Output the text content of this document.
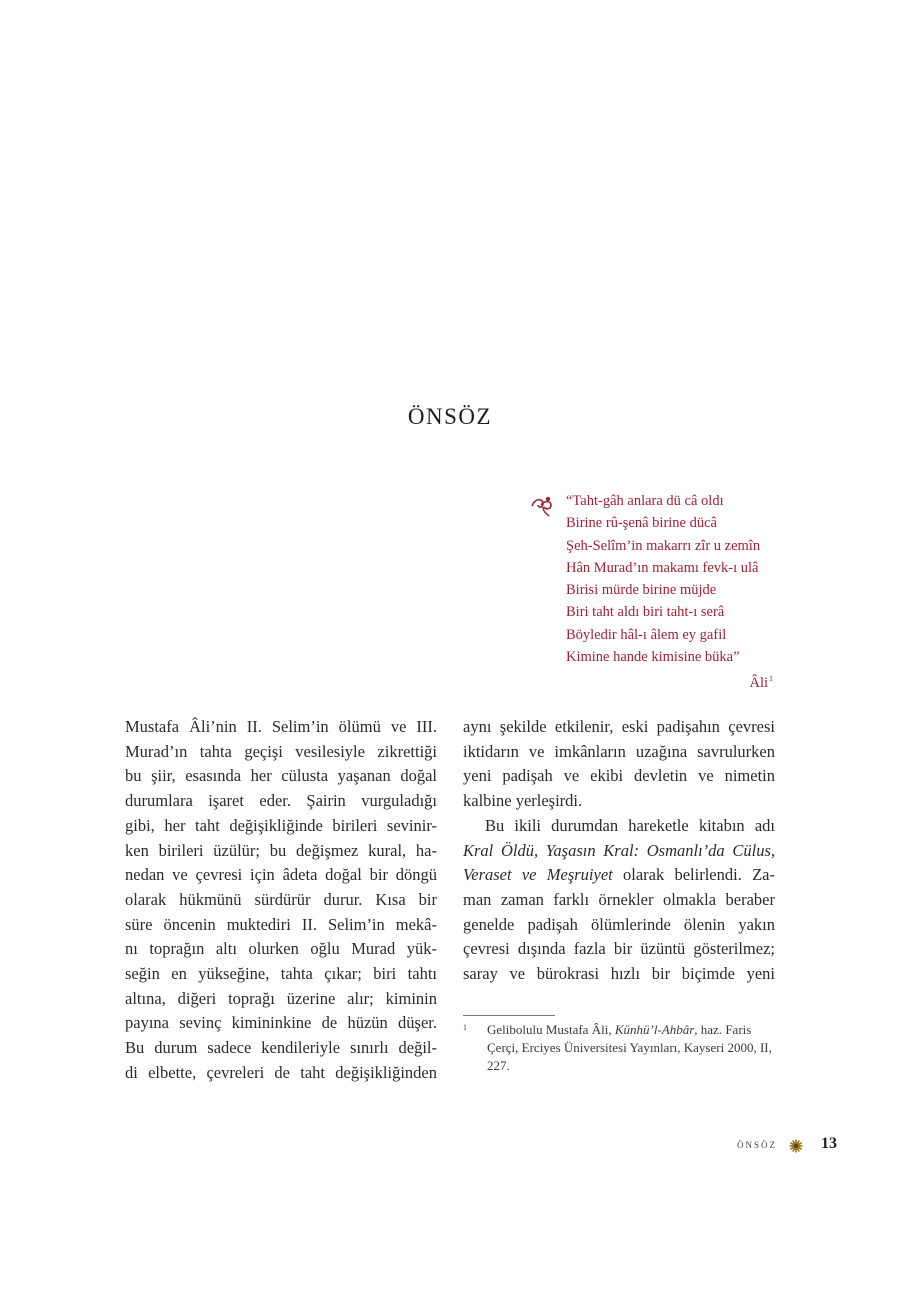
ÖNSÖZ
“Taht-gâh anlara dü câ oldı
Birine rû-şenâ birine dücâ
Şeh-Selîm’in makarrı zîr u zemîn
Hân Murad’ın makamı fevk-ı ulâ
Birisi mürde birine müjde
Biri taht aldı biri taht-ı serâ
Böyledir hâl-ı âlem ey gafil
Kimine hande kimisine büka”
Âli$^1$
Mustafa Âli’nin II. Selim’in ölümü ve III.
Murad’ın tahta geçişi vesilesiyle zikrettiği
bu şiir, esasında her cülusta yaşanan doğal
durumlara işaret eder. Şairin vurguladığı
gibi, her taht değişikliğinde birileri sevinir-
ken birileri üzülür; bu değişmez kural, ha-
nedan ve çevresi için âdeta doğal bir döngü
olarak hükmünü sürdürür durur. Kısa bir
süre öncenin muktediri II. Selim’in mekâ-
nı toprağın altı olurken oğlu Murad yük-
seğin en yükseğine, tahta çıkar; biri tahtı
altına, diğeri toprağı üzerine alır; kiminin
payına sevinç kimininkine de hüzün düşer.
Bu durum sadece kendileriyle sınırlı değil-
di elbette, çevreleri de taht değişikliğinden
aynı şekilde etkilenir, eski padişahın çevresi
iktidarın ve imkânların uzağına savrulurken
yeni padişah ve ekibi devletin ve nimetin
kalbine yerleşirdi.
Bu ikili durumdan hareketle kitabın adı
Kral Öldü, Yaşasın Kral: Osmanlı’da Cülus,
Veraset ve Meşruiyet olarak belirlendi. Za-
man zaman farklı örnekler olmakla beraber
genelde padişah ölümlerinde ölenin yakın
çevresi dışında fazla bir üzüntü gösterilmez;
saray ve bürokrasi hızlı bir biçimde yeni
1 Gelibolulu Mustafa Âli, Künhü’l-Ahbâr, haz. Faris Çerçi, Erciyes Üniversitesi Yayınları, Kayseri 2000, II, 227.
ÖNSÖZ	13
